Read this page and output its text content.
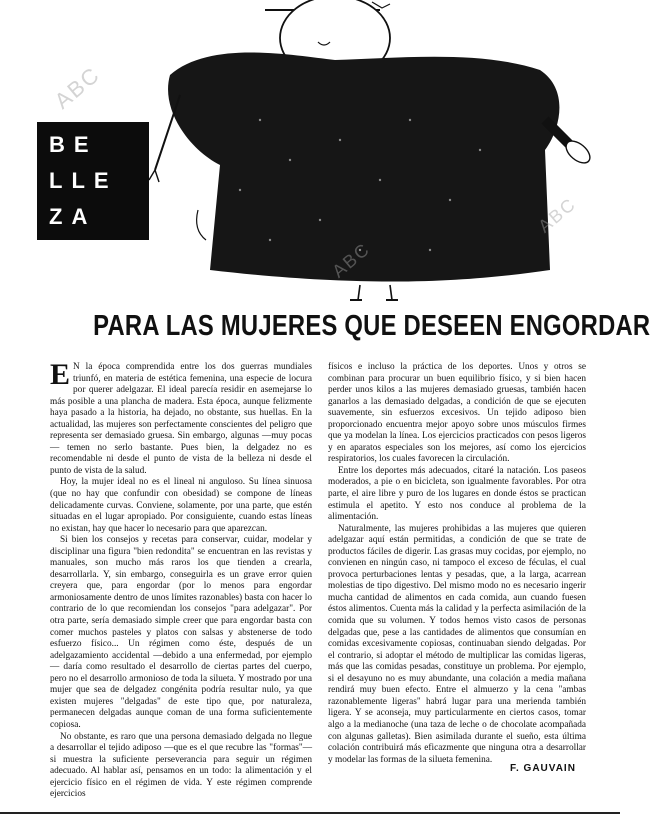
BE
LLE
ZA
ABC
ABC
ABC
PARA LAS MUJERES QUE DESEEN ENGORDAR

E N la época comprendida entre los dos guerras mundiales triunfó, en materia de estética femenina, una especie de locura por querer adelgazar. El ideal parecía residir en asemejarse lo más posible a una plancha de madera. Esta época, aunque felizmente haya pasado a la historia, ha dejado, no obstante, sus huellas. En la actualidad, las mujeres son perfectamente conscientes del peligro que representa ser demasiado gruesa. Sin embargo, algunas —muy pocas— temen no serlo bastante. Pues bien, la delgadez no es recomendable ni desde el punto de vista de la belleza ni desde el punto de vista de la salud.

Hoy, la mujer ideal no es el lineal ni anguloso. Su línea sinuosa (que no hay que confundir con obesidad) se compone de líneas delicadamente curvas. Conviene, solamente, por una parte, que estén situadas en el lugar apropiado. Por consiguiente, cuando estas líneas no existan, hay que hacer lo necesario para que aparezcan.

Si bien los consejos y recetas para conservar, cuidar, modelar y disciplinar una figura "bien redondita" se encuentran en las revistas y manuales, son mucho más raros los que tienden a crearla, desarrollarla. Y, sin embargo, conseguirla es un grave error quien creyera que, para engordar (por lo menos para engordar armoniosamente dentro de unos límites razonables) basta con hacer lo contrario de lo que recomiendan los consejos "para adelgazar". Por otra parte, sería demasiado simple creer que para engordar basta con comer muchos pasteles y platos con salsas y abstenerse de todo esfuerzo físico... Un régimen como éste, después de un adelgazamiento accidental —debido a una enfermedad, por ejemplo— daría como resultado el desarrollo de ciertas partes del cuerpo, pero no el desarrollo armonioso de toda la silueta. Y mostrado por una mujer que sea de delgadez congénita podría resultar nulo, ya que existen mujeres "delgadas" de este tipo que, por naturaleza, permanecen delgadas aunque coman de una forma suficientemente copiosa.

No obstante, es raro que una persona demasiado delgada no llegue a desarrollar el tejido adiposo —que es el que recubre las "formas"— si muestra la suficiente perseverancia para seguir un régimen adecuado. Al hablar así, pensamos en un todo: la alimentación y el ejercicio físico en el régimen de vida. Y este régimen comprende ejercicios

físicos e incluso la práctica de los deportes. Unos y otros se combinan para procurar un buen equilibrio físico, y si bien hacen perder unos kilos a las mujeres demasiado gruesas, también hacen ganarlos a las demasiado delgadas, a condición de que se ejecuten suavemente, sin esfuerzos excesivos. Un tejido adiposo bien proporcionado encuentra mejor apoyo sobre unos músculos firmes que ya modelan la línea. Los ejercicios practicados con pesos ligeros y en aparatos especiales son los mejores, así como los ejercicios respiratorios, los cuales favorecen la circulación.

Entre los deportes más adecuados, citaré la natación. Los paseos moderados, a pie o en bicicleta, son igualmente favorables. Por otra parte, el aire libre y puro de los lugares en donde éstos se practican estimula el apetito. Y esto nos conduce al problema de la alimentación.

Naturalmente, las mujeres prohibidas a las mujeres que quieren adelgazar aquí están permitidas, a condición de que se trate de productos fáciles de digerir. Las grasas muy cocidas, por ejemplo, no convienen en ningún caso, ni tampoco el exceso de féculas, el cual provoca perturbaciones lentas y pesadas, que, a la larga, acarrean molestias de tipo digestivo. Del mismo modo no es necesario ingerir mucha cantidad de alimentos en cada comida, aun cuando fuesen éstos alimentos. Cuenta más la calidad y la perfecta asimilación de la comida que su volumen. Y todos hemos visto casos de personas delgadas que, pese a las cantidades de alimentos que consumían en comidas excesivamente copiosas, continuaban siendo delgadas. Por el contrario, si adoptar el método de multiplicar las comidas ligeras, más que las comidas pesadas, constituye un problema. Por ejemplo, si el desayuno no es muy abundante, una colación a media mañana rendirá muy buen efecto. Entre el almuerzo y la cena "ambas razonablemente ligeras" habrá lugar para una merienda también ligera. Y se aconseja, muy particularmente en ciertos casos, tomar algo a la medianoche (una taza de leche o de chocolate acompañada con algunas galletas). Bien asimilada durante el sueño, esta última colación contribuirá más eficazmente que ninguna otra a desarrollar y modelar las formas de la silueta femenina.

F. GAUVAIN
